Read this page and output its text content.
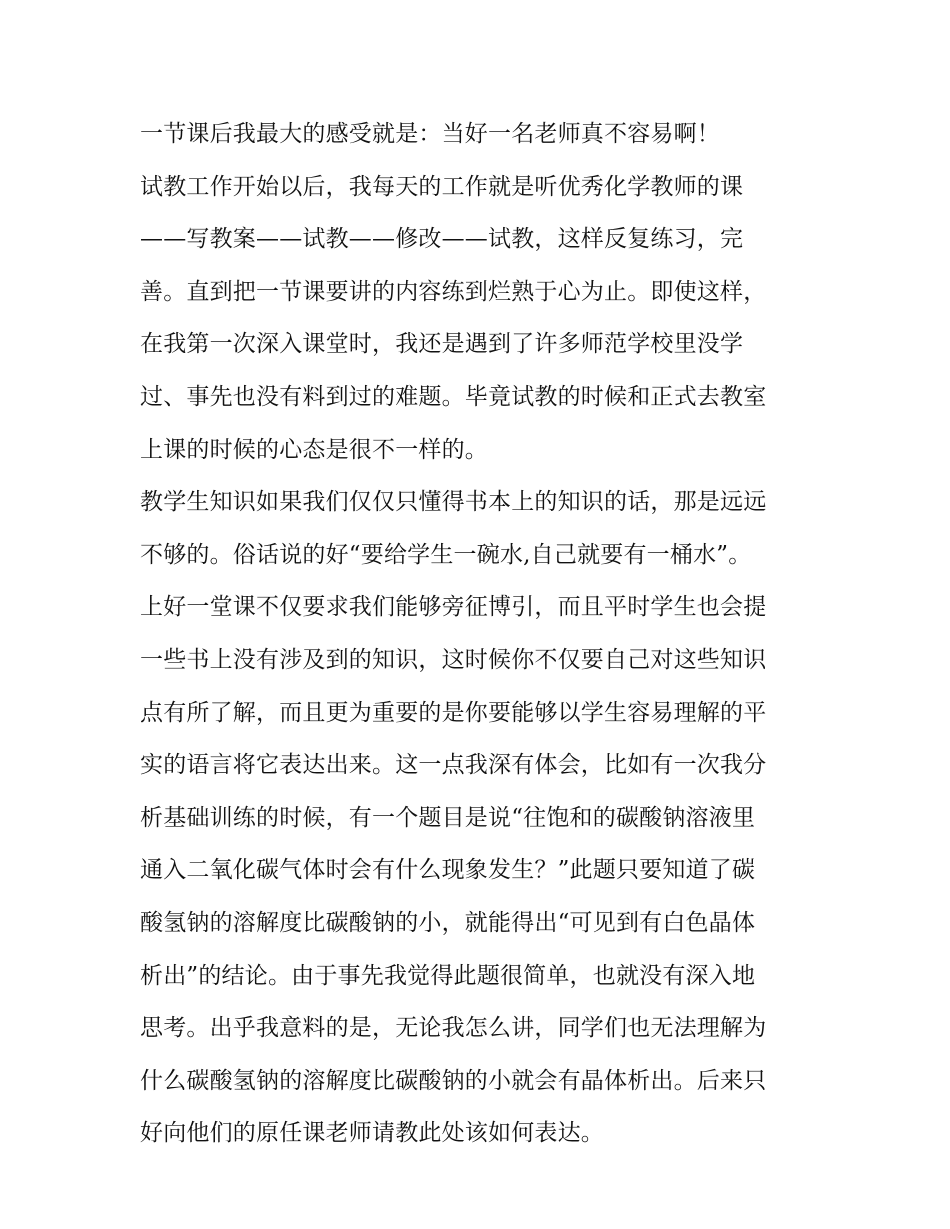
一节课后我最大的感受就是：当好一名老师真不容易啊！
试教工作开始以后，我每天的工作就是听优秀化学教师的课
——写教案——试教——修改——试教，这样反复练习，完
善。直到把一节课要讲的内容练到烂熟于心为止。即使这样，
在我第一次深入课堂时，我还是遇到了许多师范学校里没学
过、事先也没有料到过的难题。毕竟试教的时候和正式去教室
上课的时候的心态是很不一样的。
教学生知识如果我们仅仅只懂得书本上的知识的话，那是远远
不够的。俗话说的好“要给学生一碗水,自己就要有一桶水”。
上好一堂课不仅要求我们能够旁征博引，而且平时学生也会提
一些书上没有涉及到的知识，这时候你不仅要自己对这些知识
点有所了解，而且更为重要的是你要能够以学生容易理解的平
实的语言将它表达出来。这一点我深有体会，比如有一次我分
析基础训练的时候，有一个题目是说“往饱和的碳酸钠溶液里
通入二氧化碳气体时会有什么现象发生？”此题只要知道了碳
酸氢钠的溶解度比碳酸钠的小，就能得出“可见到有白色晶体
析出”的结论。由于事先我觉得此题很简单，也就没有深入地
思考。出乎我意料的是，无论我怎么讲，同学们也无法理解为
什么碳酸氢钠的溶解度比碳酸钠的小就会有晶体析出。后来只
好向他们的原任课老师请教此处该如何表达。
